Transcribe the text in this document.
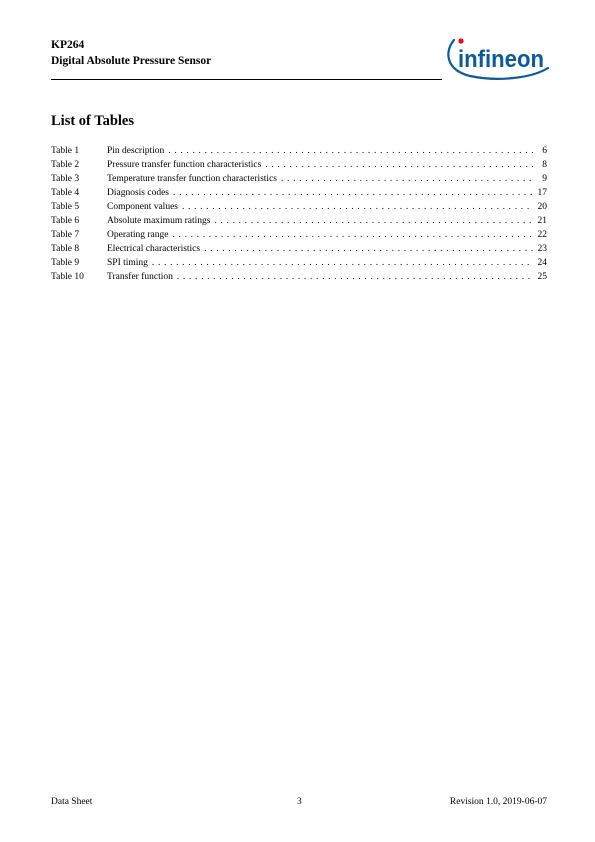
KP264
Digital Absolute Pressure Sensor	infineon
List of Tables
Table 1	Pin description . . .	6
Table 2	Pressure transfer function characteristics . . .	8
Table 3	Temperature transfer function characteristics . . .	9
Table 4	Diagnosis codes . . .	17
Table 5	Component values . . .	20
Table 6	Absolute maximum ratings . . .	21
Table 7	Operating range . . .	22
Table 8	Electrical characteristics . . .	23
Table 9	SPI timing . . .	24
Table 10	Transfer function . . .	25
Data Sheet	3	Revision 1.0, 2019-06-07
